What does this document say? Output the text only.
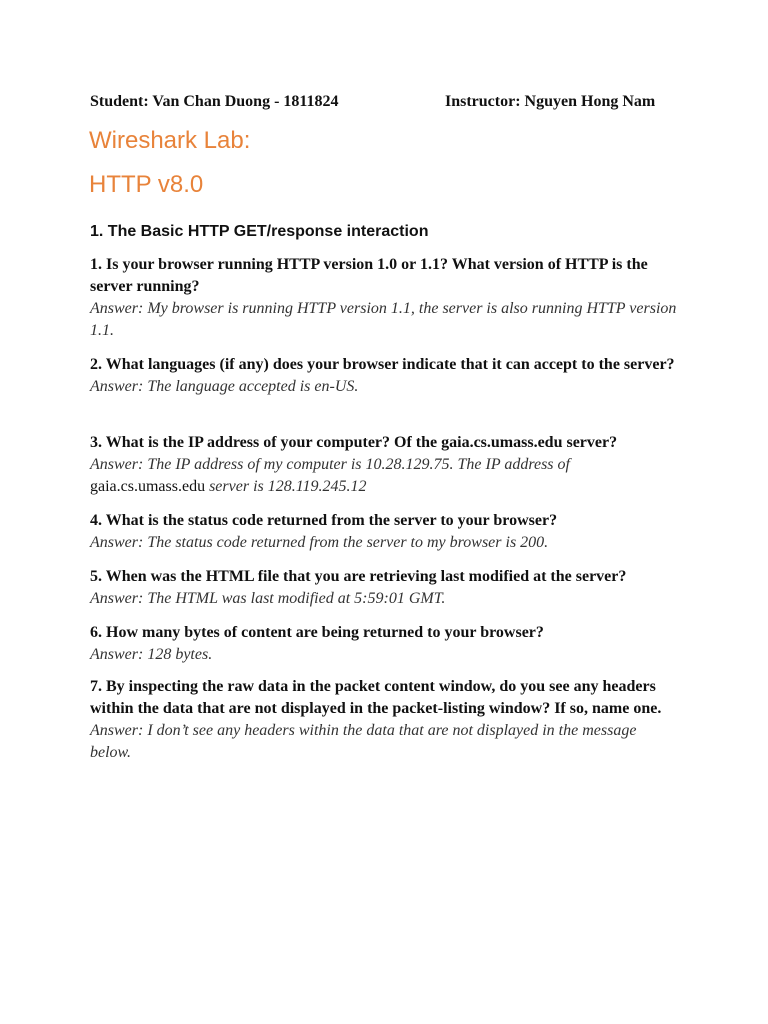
Student: Van Chan Duong - 1811824	Instructor: Nguyen Hong Nam
Wireshark Lab:
HTTP v8.0
1. The Basic HTTP GET/response interaction
1. Is your browser running HTTP version 1.0 or 1.1? What version of HTTP is the server running?
Answer: My browser is running HTTP version 1.1, the server is also running HTTP version 1.1.
2. What languages (if any) does your browser indicate that it can accept to the server?
Answer: The language accepted is en-US.
3. What is the IP address of your computer? Of the gaia.cs.umass.edu server?
Answer: The IP address of my computer is 10.28.129.75. The IP address of
gaia.cs.umass.edu server is 128.119.245.12
4. What is the status code returned from the server to your browser?
Answer: The status code returned from the server to my browser is 200.
5. When was the HTML file that you are retrieving last modified at the server?
Answer: The HTML was last modified at 5:59:01 GMT.
6. How many bytes of content are being returned to your browser?
Answer: 128 bytes.
7. By inspecting the raw data in the packet content window, do you see any headers within the data that are not displayed in the packet-listing window? If so, name one.
Answer: I don’t see any headers within the data that are not displayed in the message below.
